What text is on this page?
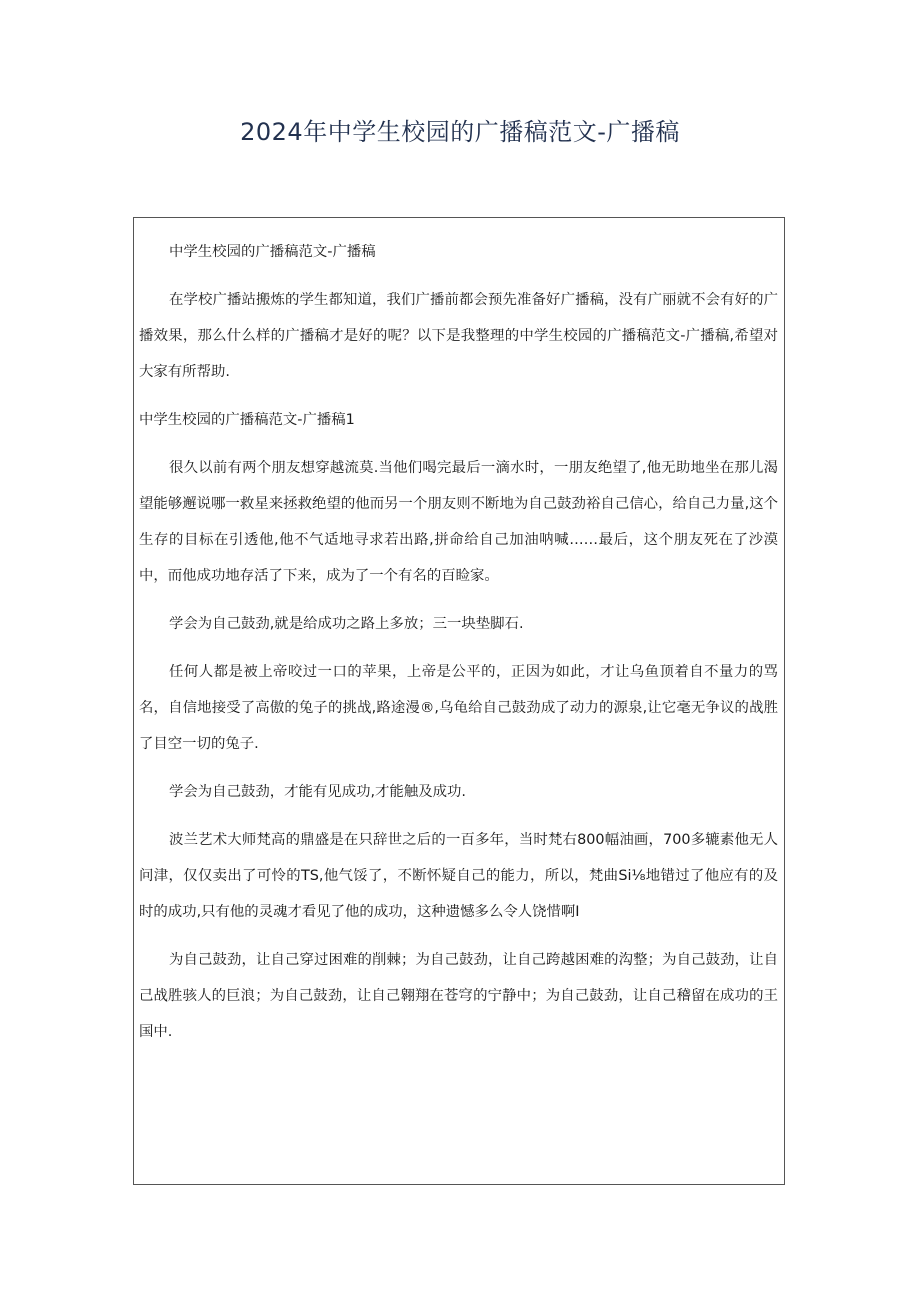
2024年中学生校园的广播稿范文-广播稿

中学生校园的广播稿范文-广播稿

在学校广播站搬炼的学生都知道，我们广播前都会预先准备好广播稿，没有广丽就不会有好的广播效果，那么什么样的广播稿才是好的呢？以下是我整理的中学生校园的广播稿范文-广播稿,希望对大家有所帮助.

中学生校园的广播稿范文-广播稿1

很久以前有两个朋友想穿越流莫.当他们喝完最后一滴水时，一朋友绝望了,他无助地坐在那儿渴望能够邂说哪一救星来拯救绝望的他而另一个朋友则不断地为自己鼓劲裕自己信心，给自己力量,这个生存的目标在引透他,他不气适地寻求若出路,拼命给自己加油呐喊……最后，这个朋友死在了沙漠中，而他成功地存活了下来，成为了一个有名的百睑家。

学会为自己鼓劲,就是给成功之路上多放；三一块垫脚石.

任何人都是被上帝咬过一口的苹果，上帝是公平的，正因为如此，才让乌鱼顶着自不量力的骂名，自信地接受了高傲的兔子的挑战,路途漫®,乌龟给自己鼓劲成了动力的源泉,让它毫无争议的战胜了目空一切的兔子.

学会为自己鼓劲，才能有见成功,才能触及成功.

波兰艺术大师梵高的鼎盛是在只辞世之后的一百多年，当时梵右800幅油画，700多辘素他无人问津，仅仅卖出了可怜的TS,他气馁了，不断怀疑自己的能力，所以，梵曲Si⅛地错过了他应有的及时的成功,只有他的灵魂才看见了他的成功，这种遗憾多么令人饶惜啊I

为自己鼓劲，让自己穿过困难的削棘；为自己鼓劲，让自己跨越困难的沟整；为自己鼓劲，让自己战胜骇人的巨浪；为自己鼓劲，让自己翱翔在苍穹的宁静中；为自己鼓劲，让自己稽留在成功的王国中.
